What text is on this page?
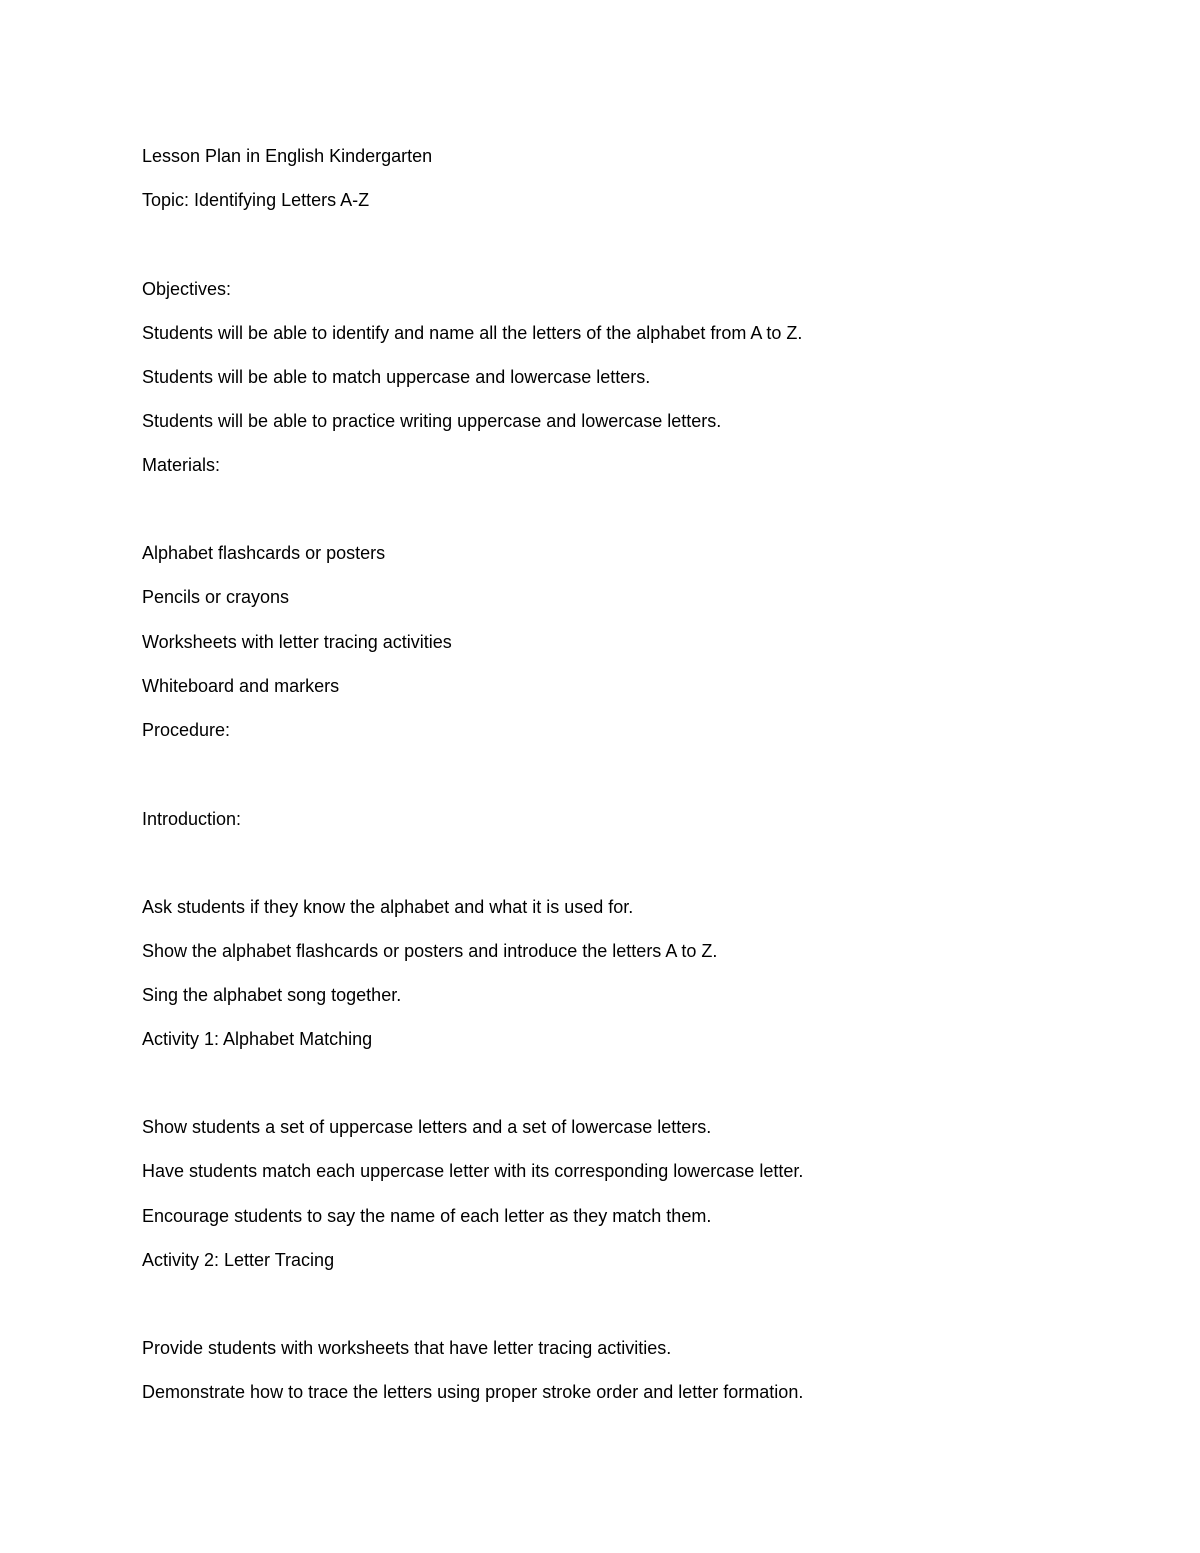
Lesson Plan in English Kindergarten
Topic: Identifying Letters A-Z
Objectives:
Students will be able to identify and name all the letters of the alphabet from A to Z.
Students will be able to match uppercase and lowercase letters.
Students will be able to practice writing uppercase and lowercase letters.
Materials:
Alphabet flashcards or posters
Pencils or crayons
Worksheets with letter tracing activities
Whiteboard and markers
Procedure:
Introduction:
Ask students if they know the alphabet and what it is used for.
Show the alphabet flashcards or posters and introduce the letters A to Z.
Sing the alphabet song together.
Activity 1: Alphabet Matching
Show students a set of uppercase letters and a set of lowercase letters.
Have students match each uppercase letter with its corresponding lowercase letter.
Encourage students to say the name of each letter as they match them.
Activity 2: Letter Tracing
Provide students with worksheets that have letter tracing activities.
Demonstrate how to trace the letters using proper stroke order and letter formation.
